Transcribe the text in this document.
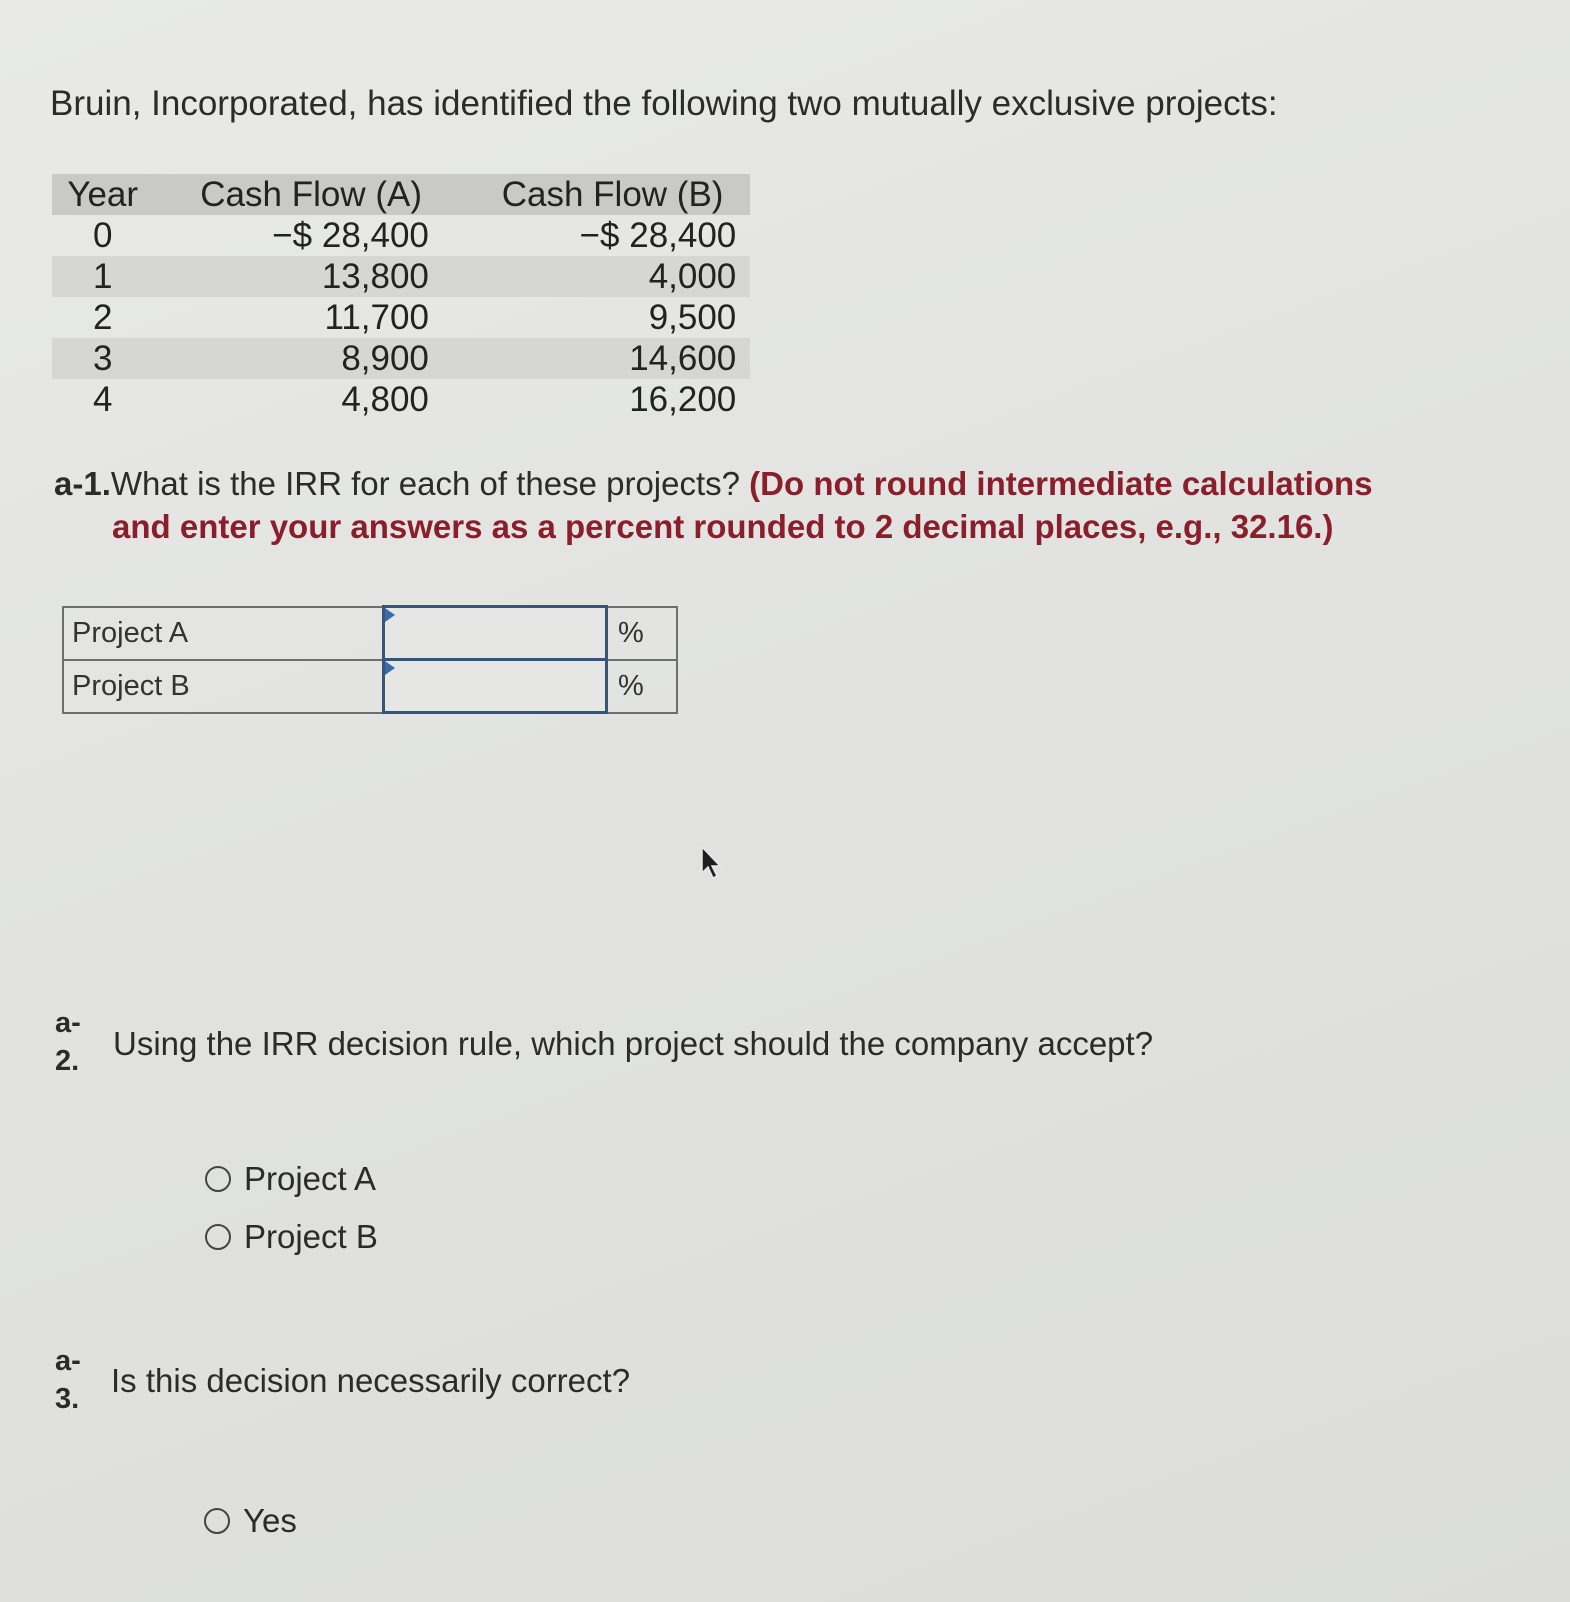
Bruin, Incorporated, has identified the following two mutually exclusive projects:
Year	Cash Flow (A)	Cash Flow (B)	
0	−$ 28,400	−$ 28,400	
1	13,800	4,000	
2	11,700	9,500	
3	8,900	14,600	
4	4,800	16,200	
a-1.What is the IRR for each of these projects? (Do not round intermediate calculations
and enter your answers as a percent rounded to 2 decimal places, e.g., 32.16.)
Project A		%
Project B		%
a-
2. Using the IRR decision rule, which project should the company accept?
Project A
Project B
a-
3. Is this decision necessarily correct?
Yes
